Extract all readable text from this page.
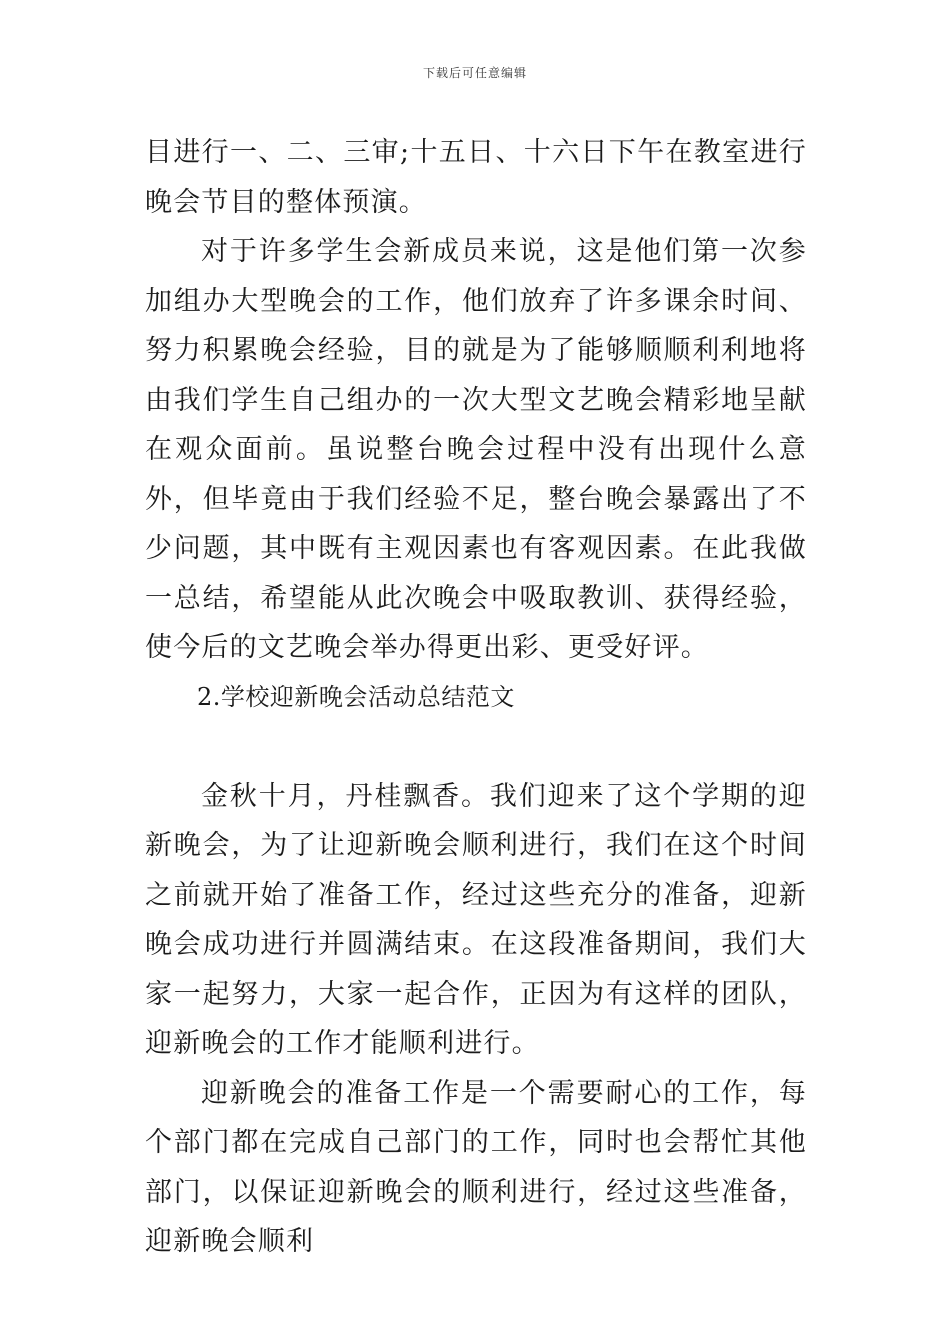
下载后可任意编辑

目进行一、二、三审;十五日、十六日下午在教室进行晚会节目的整体预演。

对于许多学生会新成员来说，这是他们第一次参加组办大型晚会的工作，他们放弃了许多课余时间、努力积累晚会经验，目的就是为了能够顺顺利利地将由我们学生自己组办的一次大型文艺晚会精彩地呈献在观众面前。虽说整台晚会过程中没有出现什么意外，但毕竟由于我们经验不足，整台晚会暴露出了不少问题，其中既有主观因素也有客观因素。在此我做一总结，希望能从此次晚会中吸取教训、获得经验，使今后的文艺晚会举办得更出彩、更受好评。

2.学校迎新晚会活动总结范文

金秋十月，丹桂飘香。我们迎来了这个学期的迎新晚会，为了让迎新晚会顺利进行，我们在这个时间之前就开始了准备工作，经过这些充分的准备，迎新晚会成功进行并圆满结束。在这段准备期间，我们大家一起努力，大家一起合作，正因为有这样的团队，迎新晚会的工作才能顺利进行。

迎新晚会的准备工作是一个需要耐心的工作，每个部门都在完成自己部门的工作，同时也会帮忙其他部门，以保证迎新晚会的顺利进行，经过这些准备，迎新晚会顺利
